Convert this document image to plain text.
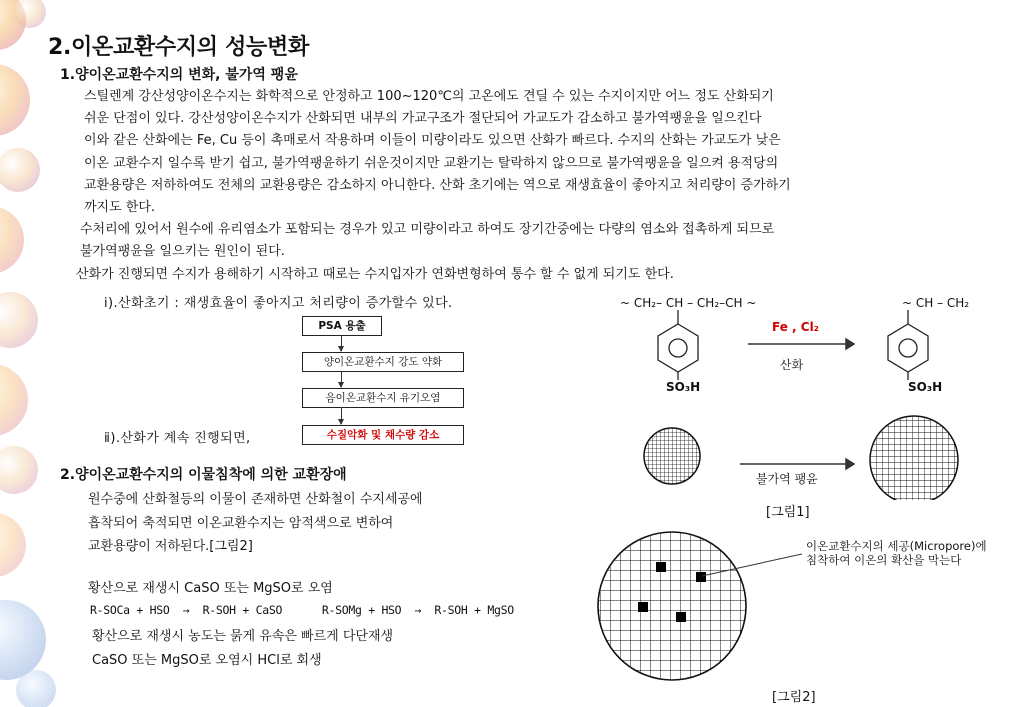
2.이온교환수지의 성능변화
1.양이온교환수지의 변화, 불가역 팽윤
스틸렌계 강산성양이온수지는 화학적으로 안정하고 100∼120℃의 고온에도 견딜 수 있는 수지이지만 어느 정도 산화되기
쉬운 단점이 있다. 강산성양이온수지가 산화되면 내부의 가교구조가 절단되어 가교도가 감소하고 불가역팽윤을 일으킨다
이와 같은 산화에는 Fe, Cu 등이 촉매로서 작용하며 이들이 미량이라도 있으면 산화가 빠르다. 수지의 산화는 가교도가 낮은
이온 교환수지 일수록 받기 쉽고, 불가역팽윤하기 쉬운것이지만 교환기는 탈락하지 않으므로 불가역팽윤을 일으켜 용적당의
교환용량은 저하하여도 전체의 교환용량은 감소하지 아니한다. 산화 초기에는 역으로 재생효율이 좋아지고 처리량이 증가하기
까지도 한다.
수처리에 있어서 원수에 유리염소가 포함되는 경우가 있고 미량이라고 하여도 장기간중에는 다량의 염소와 접촉하게 되므로
불가역팽윤을 일으키는 원인이 된다.
산화가 진행되면 수지가 용해하기 시작하고 때로는 수지입자가 연화변형하여 통수 할 수 없게 되기도 한다.
ⅰ).산화초기 : 재생효율이 좋아지고 처리량이 증가할수 있다.
PSA 용출
양이온교환수지 강도 약화
음이온교환수지 유기오염
수질악화 및 채수량 감소
ⅱ).산화가 계속 진행되면,
2.양이온교환수지의 이물침착에 의한 교환장애
원수중에 산화철등의 이물이 존재하면 산화철이 수지세공에
흡착되어 축적되면 이온교환수지는 암적색으로 변하여
교환용량이 저하된다.[그림2]
황산으로 재생시 CaSO 또는 MgSO로 오염
R-SOCa + HSO  →  R-SOH + CaSO      R-SOMg + HSO  →  R-SOH + MgSO
황산으로 재생시 농도는 묽게 유속은 빠르게 다단재생
CaSO 또는 MgSO로 오염시 HCl로 회생
~ CH₂– CH – CH₂–CH ~	~ CH – CH₂
Fe , Cl₂
산화
SO₃H	SO₃H
불가역 팽윤
[그림1]
이온교환수지의 세공(Micropore)에
침착하여 이온의 확산을 막는다
[그림2]
